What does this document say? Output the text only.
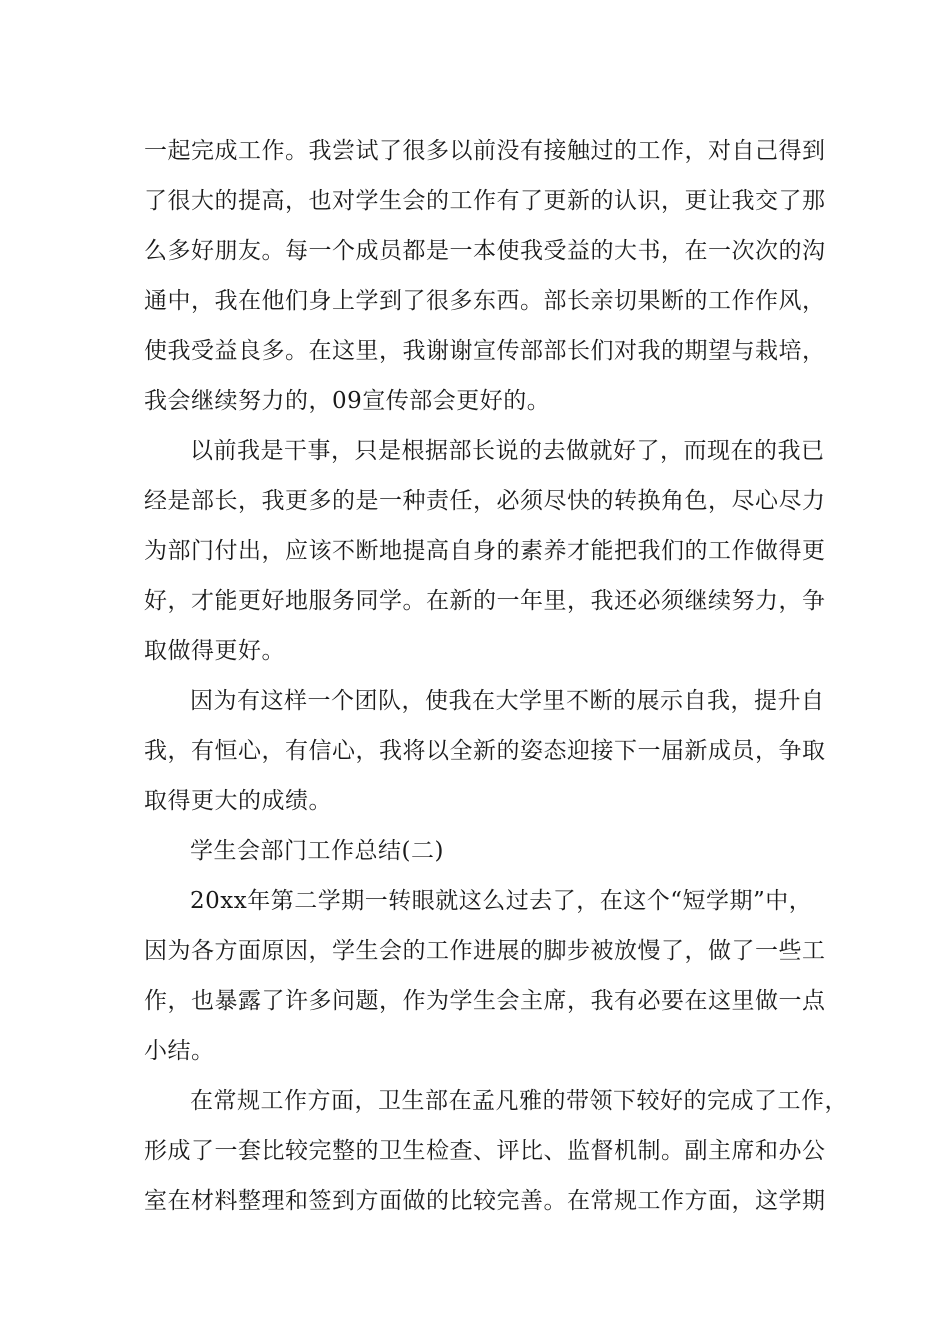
一起完成工作。我尝试了很多以前没有接触过的工作，对自己得到
了很大的提高，也对学生会的工作有了更新的认识，更让我交了那
么多好朋友。每一个成员都是一本使我受益的大书，在一次次的沟
通中，我在他们身上学到了很多东西。部长亲切果断的工作作风，
使我受益良多。在这里，我谢谢宣传部部长们对我的期望与栽培，
我会继续努力的，09宣传部会更好的。
以前我是干事，只是根据部长说的去做就好了，而现在的我已
经是部长，我更多的是一种责任，必须尽快的转换角色，尽心尽力
为部门付出，应该不断地提高自身的素养才能把我们的工作做得更
好，才能更好地服务同学。在新的一年里，我还必须继续努力，争
取做得更好。
因为有这样一个团队，使我在大学里不断的展示自我，提升自
我，有恒心，有信心，我将以全新的姿态迎接下一届新成员，争取
取得更大的成绩。
学生会部门工作总结(二)
20xx年第二学期一转眼就这么过去了，在这个“短学期”中，
因为各方面原因，学生会的工作进展的脚步被放慢了，做了一些工
作，也暴露了许多问题，作为学生会主席，我有必要在这里做一点
小结。
在常规工作方面，卫生部在孟凡雅的带领下较好的完成了工作，
形成了一套比较完整的卫生检查、评比、监督机制。副主席和办公
室在材料整理和签到方面做的比较完善。在常规工作方面，这学期
